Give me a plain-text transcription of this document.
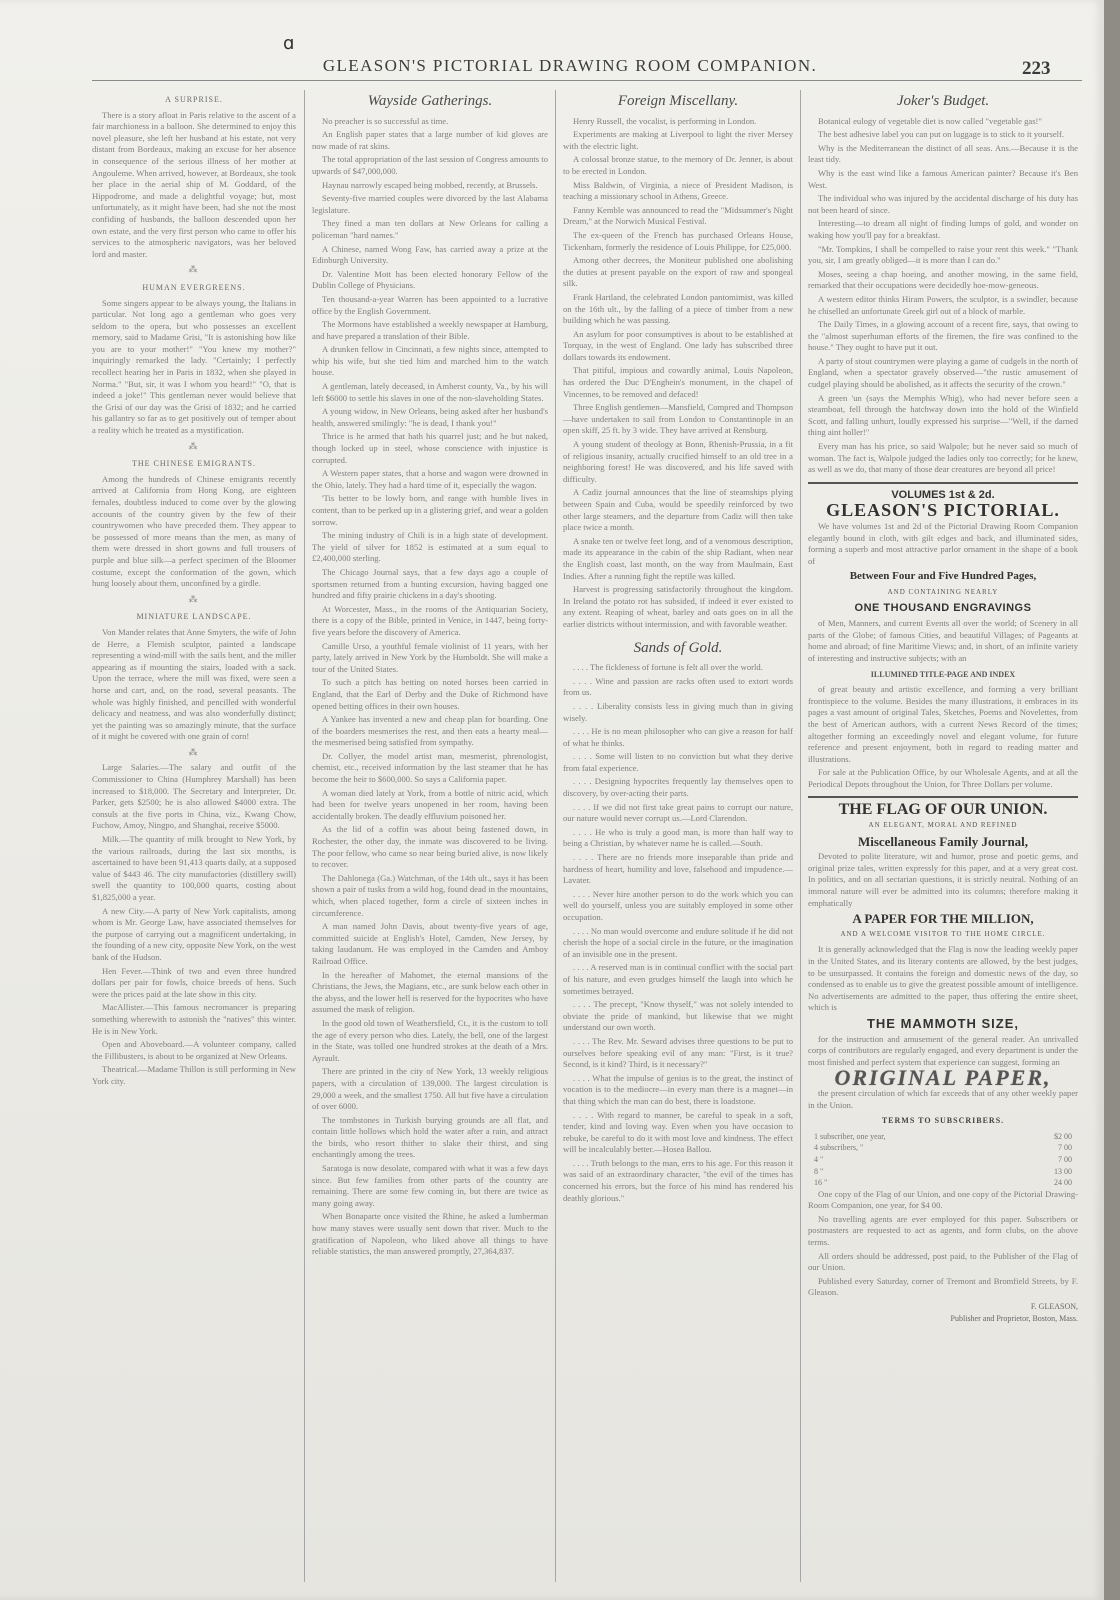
ɑ
GLEASON'S PICTORIAL DRAWING ROOM COMPANION.	223
A SURPRISE.

There is a story afloat in Paris relative to the ascent of a fair marchioness in a balloon. She determined to enjoy this novel pleasure, she left her husband at his estate, not very distant from Bordeaux, making an excuse for her absence in consequence of the serious illness of her mother at Angouleme. When arrived, however, at Bordeaux, she took her place in the aerial ship of M. Goddard, of the Hippodrome, and made a delightful voyage; but, most unfortunately, as it might have been, had she not the most confiding of husbands, the balloon descended upon her own estate, and the very first person who came to offer his services to the atmospheric navigators, was her beloved lord and master.

⁂
HUMAN EVERGREENS.

Some singers appear to be always young, the Italians in particular. Not long ago a gentleman who goes very seldom to the opera, but who possesses an excellent memory, said to Madame Grisi, "It is astonishing how like you are to your mother!" "You knew my mother?" inquiringly remarked the lady. "Certainly; I perfectly recollect hearing her in Paris in 1832, when she played in Norma." "But, sir, it was I whom you heard!" "O, that is indeed a joke!" This gentleman never would believe that the Grisi of our day was the Grisi of 1832; and he carried his gallantry so far as to get positively out of temper about a reality which he treated as a mystification.

⁂
THE CHINESE EMIGRANTS.

Among the hundreds of Chinese emigrants recently arrived at California from Hong Kong, are eighteen females, doubtless induced to come over by the glowing accounts of the country given by the few of their countrywomen who have preceded them. They appear to be possessed of more means than the men, as many of them were dressed in short gowns and full trousers of purple and blue silk—a perfect specimen of the Bloomer costume, except the conformation of the gown, which hung loosely about them, unconfined by a girdle.

⁂
MINIATURE LANDSCAPE.

Von Mander relates that Anne Smyters, the wife of John de Herre, a Flemish sculptor, painted a landscape representing a wind-mill with the sails bent, and the miller appearing as if mounting the stairs, loaded with a sack. Upon the terrace, where the mill was fixed, were seen a horse and cart, and, on the road, several peasants. The whole was highly finished, and pencilled with wonderful delicacy and neatness, and was also wonderfully distinct; yet the painting was so amazingly minute, that the surface of it might be covered with one grain of corn!

⁂

Large Salaries.—The salary and outfit of the Commissioner to China (Humphrey Marshall) has been increased to $18,000. The Secretary and Interpreter, Dr. Parker, gets $2500; he is also allowed $4000 extra. The consuls at the five ports in China, viz., Kwang Chow, Fuchow, Amoy, Ningpo, and Shanghai, receive $5000.

Milk.—The quantity of milk brought to New York, by the various railroads, during the last six months, is ascertained to have been 91,413 quarts daily, at a supposed value of $443 46. The city manufactories (distillery swill) swell the quantity to 100,000 quarts, costing about $1,825,000 a year.

A new City.—A party of New York capitalists, among whom is Mr. George Law, have associated themselves for the purpose of carrying out a magnificent undertaking, in the founding of a new city, opposite New York, on the west bank of the Hudson.

Hen Fever.—Think of two and even three hundred dollars per pair for fowls, choice breeds of hens. Such were the prices paid at the late show in this city.

MacAllister.—This famous necromancer is preparing something wherewith to astonish the "natives" this winter. He is in New York.

Open and Aboveboard.—A volunteer company, called the Fillibusters, is about to be organized at New Orleans.

Theatrical.—Madame Thillon is still performing in New York city.

Wayside Gatherings.

No preacher is so successful as time.

An English paper states that a large number of kid gloves are now made of rat skins.

The total appropriation of the last session of Congress amounts to upwards of $47,000,000.

Haynau narrowly escaped being mobbed, recently, at Brussels.

Seventy-five married couples were divorced by the last Alabama legislature.

They fined a man ten dollars at New Orleans for calling a policeman "hard names."

A Chinese, named Wong Faw, has carried away a prize at the Edinburgh University.

Dr. Valentine Mott has been elected honorary Fellow of the Dublin College of Physicians.

Ten thousand-a-year Warren has been appointed to a lucrative office by the English Government.

The Mormons have established a weekly newspaper at Hamburg, and have prepared a translation of their Bible.

A drunken fellow in Cincinnati, a few nights since, attempted to whip his wife, but she tied him and marched him to the watch house.

A gentleman, lately deceased, in Amherst county, Va., by his will left $6000 to settle his slaves in one of the non-slaveholding States.

A young widow, in New Orleans, being asked after her husband's health, answered smilingly: "he is dead, I thank you!"

Thrice is he armed that hath his quarrel just; and he but naked, though locked up in steel, whose conscience with injustice is corrupted.

A Western paper states, that a horse and wagon were drowned in the Ohio, lately. They had a hard time of it, especially the wagon.

'Tis better to be lowly born, and range with humble lives in content, than to be perked up in a glistering grief, and wear a golden sorrow.

The mining industry of Chili is in a high state of development. The yield of silver for 1852 is estimated at a sum equal to £2,400,000 sterling.

The Chicago Journal says, that a few days ago a couple of sportsmen returned from a hunting excursion, having bagged one hundred and fifty prairie chickens in a day's shooting.

At Worcester, Mass., in the rooms of the Antiquarian Society, there is a copy of the Bible, printed in Venice, in 1447, being forty-five years before the discovery of America.

Camille Urso, a youthful female violinist of 11 years, with her party, lately arrived in New York by the Humboldt. She will make a tour of the United States.

To such a pitch has betting on noted horses been carried in England, that the Earl of Derby and the Duke of Richmond have opened betting offices in their own houses.

A Yankee has invented a new and cheap plan for boarding. One of the boarders mesmerises the rest, and then eats a hearty meal—the mesmerised being satisfied from sympathy.

Dr. Collyer, the model artist man, mesmerist, phrenologist, chemist, etc., received information by the last steamer that he has become the heir to $600,000. So says a California paper.

A woman died lately at York, from a bottle of nitric acid, which had been for twelve years unopened in her room, having been accidentally broken. The deadly effluvium poisoned her.

As the lid of a coffin was about being fastened down, in Rochester, the other day, the inmate was discovered to be living. The poor fellow, who came so near being buried alive, is now likely to recover.

The Dahlonega (Ga.) Watchman, of the 14th ult., says it has been shown a pair of tusks from a wild hog, found dead in the mountains, which, when placed together, form a circle of sixteen inches in circumference.

A man named John Davis, about twenty-five years of age, committed suicide at English's Hotel, Camden, New Jersey, by taking laudanum. He was employed in the Camden and Amboy Railroad Office.

In the hereafter of Mahomet, the eternal mansions of the Christians, the Jews, the Magians, etc., are sunk below each other in the abyss, and the lower hell is reserved for the hypocrites who have assumed the mask of religion.

In the good old town of Weathersfield, Ct., it is the custom to toll the age of every person who dies. Lately, the bell, one of the largest in the State, was tolled one hundred strokes at the death of a Mrs. Ayrault.

There are printed in the city of New York, 13 weekly religious papers, with a circulation of 139,000. The largest circulation is 29,000 a week, and the smallest 1750. All but five have a circulation of over 6000.

The tombstones in Turkish burying grounds are all flat, and contain little hollows which hold the water after a rain, and attract the birds, who resort thither to slake their thirst, and sing enchantingly among the trees.

Saratoga is now desolate, compared with what it was a few days since. But few families from other parts of the country are remaining. There are some few coming in, but there are twice as many going away.

When Bonaparte once visited the Rhine, he asked a lumberman how many staves were usually sent down that river. Much to the gratification of Napoleon, who liked above all things to have reliable statistics, the man answered promptly, 27,364,837.

Foreign Miscellany.

Henry Russell, the vocalist, is performing in London.

Experiments are making at Liverpool to light the river Mersey with the electric light.

A colossal bronze statue, to the memory of Dr. Jenner, is about to be erected in London.

Miss Baldwin, of Virginia, a niece of President Madison, is teaching a missionary school in Athens, Greece.

Fanny Kemble was announced to read the "Midsummer's Night Dream," at the Norwich Musical Festival.

The ex-queen of the French has purchased Orleans House, Tickenham, formerly the residence of Louis Philippe, for £25,000.

Among other decrees, the Moniteur published one abolishing the duties at present payable on the export of raw and spongeal silk.

Frank Hartland, the celebrated London pantomimist, was killed on the 16th ult., by the falling of a piece of timber from a new building which he was passing.

An asylum for poor consumptives is about to be established at Torquay, in the west of England. One lady has subscribed three dollars towards its endowment.

That pitiful, impious and cowardly animal, Louis Napoleon, has ordered the Duc D'Enghein's monument, in the chapel of Vincennes, to be removed and defaced!

Three English gentlemen—Mansfield, Compred and Thompson—have undertaken to sail from London to Constantinople in an open skiff, 25 ft. by 3 wide. They have arrived at Rensburg.

A young student of theology at Bonn, Rhenish-Prussia, in a fit of religious insanity, actually crucified himself to an old tree in a neighboring forest! He was discovered, and his life saved with difficulty.

A Cadiz journal announces that the line of steamships plying between Spain and Cuba, would be speedily reinforced by two other large steamers, and the departure from Cadiz will then take place twice a month.

A snake ten or twelve feet long, and of a venomous description, made its appearance in the cabin of the ship Radiant, when near the English coast, last month, on the way from Maulmain, East Indies. After a running fight the reptile was killed.

Harvest is progressing satisfactorily throughout the kingdom. In Ireland the potato rot has subsided, if indeed it ever existed to any extent. Reaping of wheat, barley and oats goes on in all the earlier districts without intermission, and with favorable weather.

Sands of Gold.

. . . . The fickleness of fortune is felt all over the world.

. . . . Wine and passion are racks often used to extort words from us.

. . . . Liberality consists less in giving much than in giving wisely.

. . . . He is no mean philosopher who can give a reason for half of what he thinks.

. . . . Some will listen to no conviction but what they derive from fatal experience.

. . . . Designing hypocrites frequently lay themselves open to discovery, by over-acting their parts.

. . . . If we did not first take great pains to corrupt our nature, our nature would never corrupt us.—Lord Clarendon.

. . . . He who is truly a good man, is more than half way to being a Christian, by whatever name he is called.—South.

. . . . There are no friends more inseparable than pride and hardness of heart, humility and love, falsehood and impudence.—Lavater.

. . . . Never hire another person to do the work which you can well do yourself, unless you are suitably employed in some other occupation.

. . . . No man would overcome and endure solitude if he did not cherish the hope of a social circle in the future, or the imagination of an invisible one in the present.

. . . . A reserved man is in continual conflict with the social part of his nature, and even grudges himself the laugh into which he sometimes betrayed.

. . . . The precept, "Know thyself," was not solely intended to obviate the pride of mankind, but likewise that we might understand our own worth.

. . . . The Rev. Mr. Seward advises three questions to be put to ourselves before speaking evil of any man: "First, is it true? Second, is it kind? Third, is it necessary?"

. . . . What the impulse of genius is to the great, the instinct of vocation is to the mediocre—in every man there is a magnet—in that thing which the man can do best, there is loadstone.

. . . . With regard to manner, be careful to speak in a soft, tender, kind and loving way. Even when you have occasion to rebuke, be careful to do it with most love and kindness. The effect will be incalculably better.—Hosea Ballou.

. . . . Truth belongs to the man, errs to his age. For this reason it was said of an extraordinary character, "the evil of the times has concerned his errors, but the force of his mind has rendered his deathly glorious."

Joker's Budget.

Botanical eulogy of vegetable diet is now called "vegetable gas!"

The best adhesive label you can put on luggage is to stick to it yourself.

Why is the Mediterranean the distinct of all seas. Ans.—Because it is the least tidy.

Why is the east wind like a famous American painter? Because it's Ben West.

The individual who was injured by the accidental discharge of his duty has not been heard of since.

Interesting—to dream all night of finding lumps of gold, and wonder on waking how you'll pay for a breakfast.

"Mr. Tompkins, I shall be compelled to raise your rent this week." "Thank you, sir, I am greatly obliged—it is more than I can do."

Moses, seeing a chap hoeing, and another mowing, in the same field, remarked that their occupations were decidedly hoe-mow-geneous.

A western editor thinks Hiram Powers, the sculptor, is a swindler, because he chiselled an unfortunate Greek girl out of a block of marble.

The Daily Times, in a glowing account of a recent fire, says, that owing to the "almost superhuman efforts of the firemen, the fire was confined to the house." They ought to have put it out.

A party of stout countrymen were playing a game of cudgels in the north of England, when a spectator gravely observed—"the rustic amusement of cudgel playing should be abolished, as it affects the security of the crown."

A green 'un (says the Memphis Whig), who had never before seen a steamboat, fell through the hatchway down into the hold of the Winfield Scott, and falling unhurt, loudly expressed his surprise—"Well, if the darned thing aint holler!"

Every man has his price, so said Walpole; but he never said so much of woman. The fact is, Walpole judged the ladies only too correctly; for he knew, as well as we do, that many of those dear creatures are beyond all price!

VOLUMES 1st & 2d.
GLEASON'S PICTORIAL.

We have volumes 1st and 2d of the Pictorial Drawing Room Companion elegantly bound in cloth, with gilt edges and back, and illuminated sides, forming a superb and most attractive parlor ornament in the shape of a book of

Between Four and Five Hundred Pages,
AND CONTAINING NEARLY
ONE THOUSAND ENGRAVINGS

of Men, Manners, and current Events all over the world; of Scenery in all parts of the Globe; of famous Cities, and beautiful Villages; of Pageants at home and abroad; of fine Maritime Views; and, in short, of an infinite variety of interesting and instructive subjects; with an

ILLUMINED TITLE-PAGE AND INDEX

of great beauty and artistic excellence, and forming a very brilliant frontispiece to the volume. Besides the many illustrations, it embraces in its pages a vast amount of original Tales, Sketches, Poems and Novelettes, from the best of American authors, with a current News Record of the times; altogether forming an exceedingly novel and elegant volume, for future reference and present enjoyment, both in regard to reading matter and illustrations.

For sale at the Publication Office, by our Wholesale Agents, and at all the Periodical Depots throughout the Union, for Three Dollars per volume.

THE FLAG OF OUR UNION.
AN ELEGANT, MORAL AND REFINED
Miscellaneous Family Journal,

Devoted to polite literature, wit and humor, prose and poetic gems, and original prize tales, written expressly for this paper, and at a very great cost. In politics, and on all sectarian questions, it is strictly neutral. Nothing of an immoral nature will ever be admitted into its columns; therefore making it emphatically

A PAPER FOR THE MILLION,
AND A WELCOME VISITOR TO THE HOME CIRCLE.

It is generally acknowledged that the Flag is now the leading weekly paper in the United States, and its literary contents are allowed, by the best judges, to be unsurpassed. It contains the foreign and domestic news of the day, so condensed as to enable us to give the greatest possible amount of intelligence. No advertisements are admitted to the paper, thus offering the entire sheet, which is

THE MAMMOTH SIZE,

for the instruction and amusement of the general reader. An unrivalled corps of contributors are regularly engaged, and every department is under the most finished and perfect system that experience can suggest, forming an

ORIGINAL PAPER,

the present circulation of which far exceeds that of any other weekly paper in the Union.

TERMS TO SUBSCRIBERS.
1 subscriber, one year,	$2 00
4 subscribers, "	7 00
4 "	7 00
8 "	13 00
16 "	24 00

One copy of the Flag of our Union, and one copy of the Pictorial Drawing-Room Companion, one year, for $4 00.

No travelling agents are ever employed for this paper. Subscribers or postmasters are requested to act as agents, and form clubs, on the above terms.

All orders should be addressed, post paid, to the Publisher of the Flag of our Union.

Published every Saturday, corner of Tremont and Bromfield Streets, by F. Gleason.

F. GLEASON,
Publisher and Proprietor, Boston, Mass.
